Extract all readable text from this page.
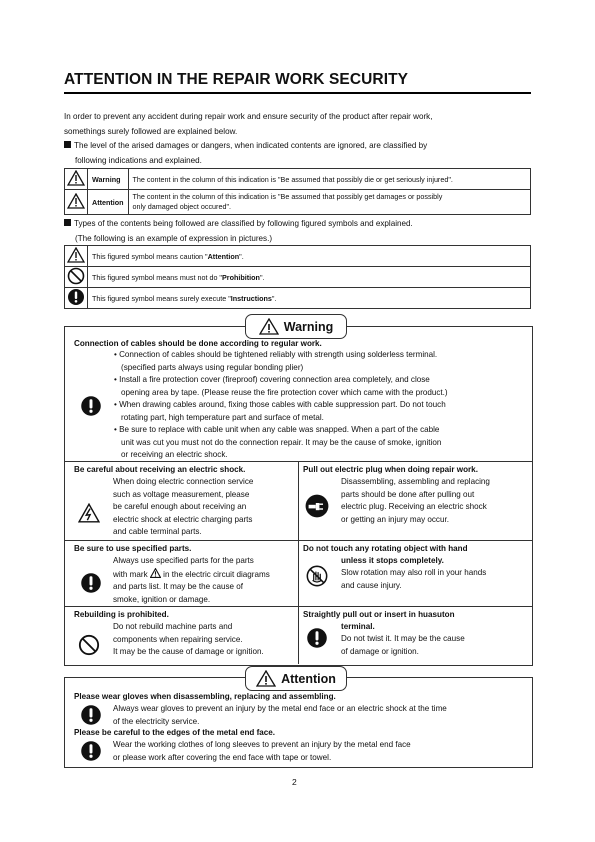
ATTENTION IN THE REPAIR WORK SECURITY
In order to prevent any accident during repair work and ensure security of the product after repair work,
somethings surely followed are explained below.
The level of the arised damages or dangers, when indicated contents are ignored, are classified by
following indications and explained.
	Warning	The content in the column of this indication is "Be assumed that possibly die or get seriously injured".
	Attention	The content in the column of this indication is "Be assumed that possibly get damages or possibly
only damaged object occured".
Types of the contents being followed are classified by following figured symbols and explained.
(The following is an example of expression in pictures.)
	This figured symbol means caution "Attention".
	This figured symbol means must not do "Prohibition".
	This figured symbol means surely execute "Instructions".
Warning
Connection of cables should be done according to regular work.
• Connection of cables should be tightened reliably with strength using solderless terminal.
(specified parts always using regular bonding plier)
• Install a fire protection cover (fireproof) covering connection area completely, and close
opening area by tape. (Please reuse the fire protection cover which came with the product.)
• When drawing cables around, fixing those cables with cable suppression part. Do not touch
rotating part, high temperature part and surface of metal.
• Be sure to replace with cable unit when any cable was snapped. When a part of the cable
unit was cut you must not do the connection repair. It may be the cause of smoke, ignition
or receiving an electric shock.
Be careful about receiving an electric shock.
When doing electric connection service
such as voltage measurement, please
be careful enough about receiving an
electric shock at electric charging parts
and cable terminal parts.
Pull out electric plug when doing repair work.
Disassembling, assembling and replacing
parts should be done after pulling out
electric plug. Receiving an electric shock
or getting an injury may occur.
Be sure to use specified parts.
Always use specified parts for the parts
with mark in the electric circuit diagrams
and parts list. It may be the cause of
smoke, ignition or damage.
Do not touch any rotating object with hand
unless it stops completely.
Slow rotation may also roll in your hands
and cause injury.
Rebuilding is prohibited.
Do not rebuild machine parts and
components when repairing service.
It may be the cause of damage or ignition.
Straightly pull out or insert in huasuton
terminal.
Do not twist it. It may be the cause
of damage or ignition.
Attention
Please wear gloves when disassembling, replacing and assembling.
Always wear gloves to prevent an injury by the metal end face or an electric shock at the time
of the electricity service.
Please be careful to the edges of the metal end face.
Wear the working clothes of long sleeves to prevent an injury by the metal end face
or please work after covering the end face with tape or towel.
2
